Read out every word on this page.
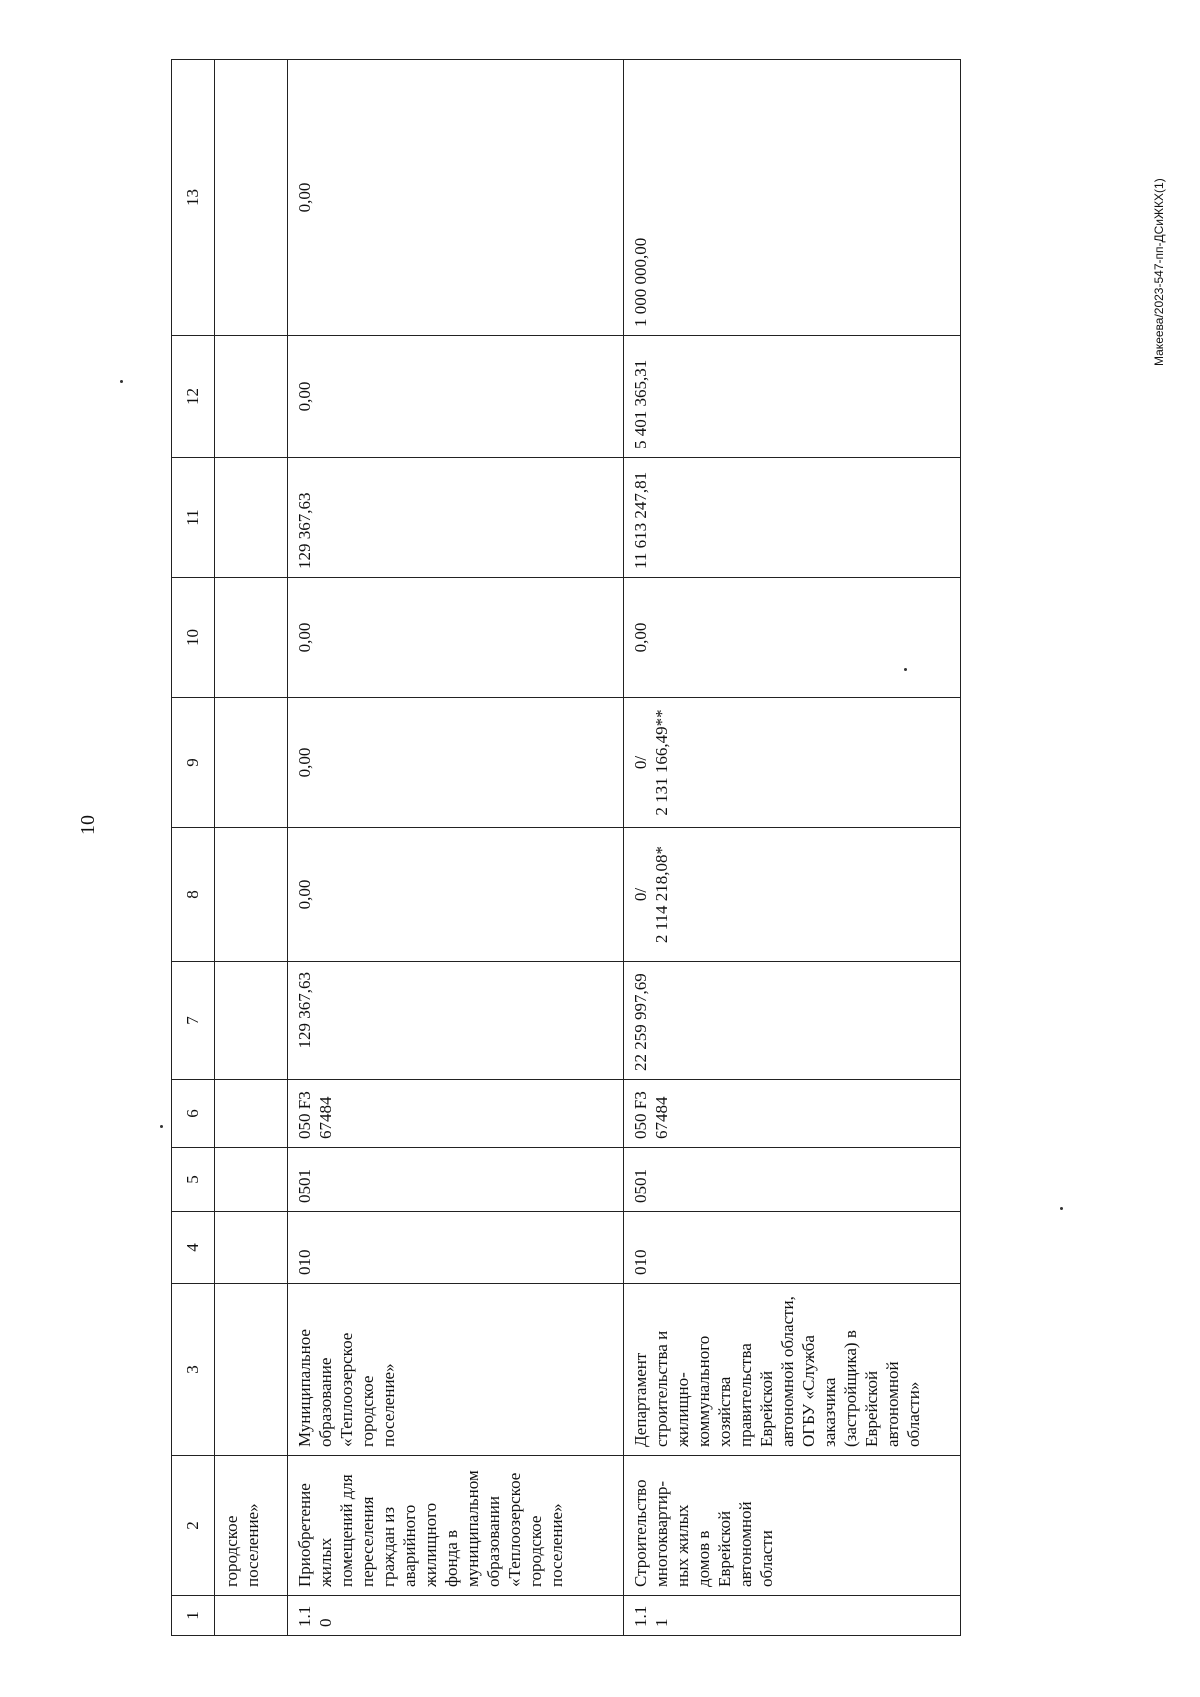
10
Макеева/2023-547-пп-ДСиЖКХ(1)
1	2	3	4	5	6	7	8	9	10	11	12	13
	городское поселение»											
1.10	Приобретение жилых помещений для переселения граждан из аварийного жилищного фонда в муниципальном образовании «Теплоозерское городское поселение»	Муниципальное образование «Теплоозерское городское поселение»	010	0501	050 F3 67484	129 367,63	0,00	0,00	0,00	129 367,63	0,00	0,00
1.11	Строительство многоквартир-ных жилых домов в Еврейской автономной области	Департамент строительства и жилищно-коммунального хозяйства правительства Еврейской автономной области, ОГБУ «Служба заказчика (застройщика) в Еврейской автономной области»	010	0501	050 F3 67484	22 259 997,69	0/ 2 114 218,08*	0/ 2 131 166,49**	0,00	11 613 247,81	5 401 365,31	1 000 000,00
